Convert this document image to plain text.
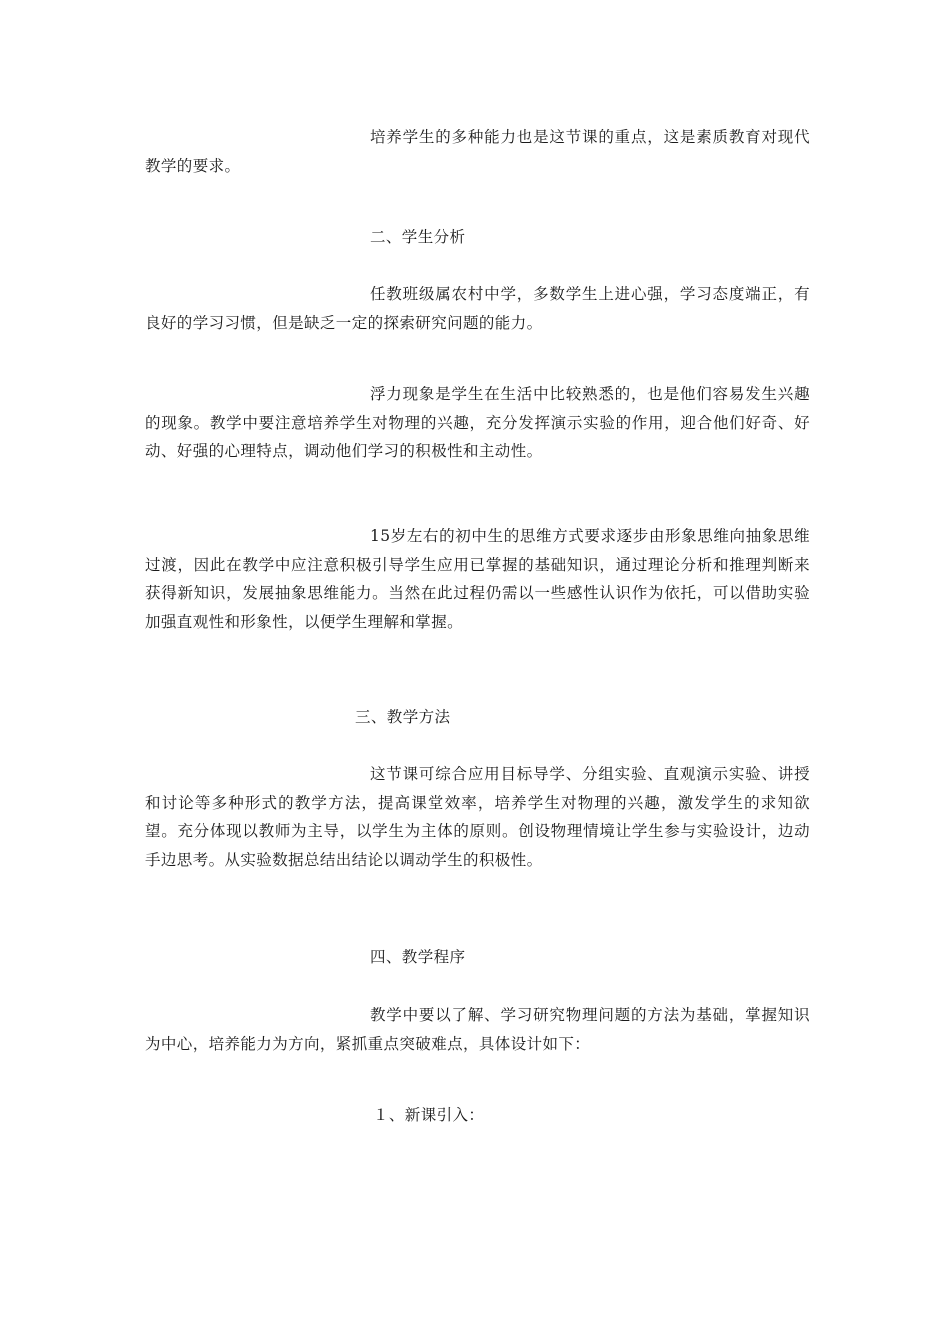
培养学生的多种能力也是这节课的重点，这是素质教育对现代教学的要求。

二、学生分析

任教班级属农村中学，多数学生上进心强，学习态度端正，有良好的学习习惯，但是缺乏一定的探索研究问题的能力。

浮力现象是学生在生活中比较熟悉的，也是他们容易发生兴趣的现象。教学中要注意培养学生对物理的兴趣，充分发挥演示实验的作用，迎合他们好奇、好动、好强的心理特点，调动他们学习的积极性和主动性。

15岁左右的初中生的思维方式要求逐步由形象思维向抽象思维过渡，因此在教学中应注意积极引导学生应用已掌握的基础知识，通过理论分析和推理判断来获得新知识，发展抽象思维能力。当然在此过程仍需以一些感性认识作为依托，可以借助实验加强直观性和形象性，以便学生理解和掌握。

三、教学方法

这节课可综合应用目标导学、分组实验、直观演示实验、讲授和讨论等多种形式的教学方法，提高课堂效率，培养学生对物理的兴趣，激发学生的求知欲望。充分体现以教师为主导，以学生为主体的原则。创设物理情境让学生参与实验设计，边动手边思考。从实验数据总结出结论以调动学生的积极性。

四、教学程序

教学中要以了解、学习研究物理问题的方法为基础，掌握知识为中心，培养能力为方向，紧抓重点突破难点，具体设计如下：

１、新课引入：
